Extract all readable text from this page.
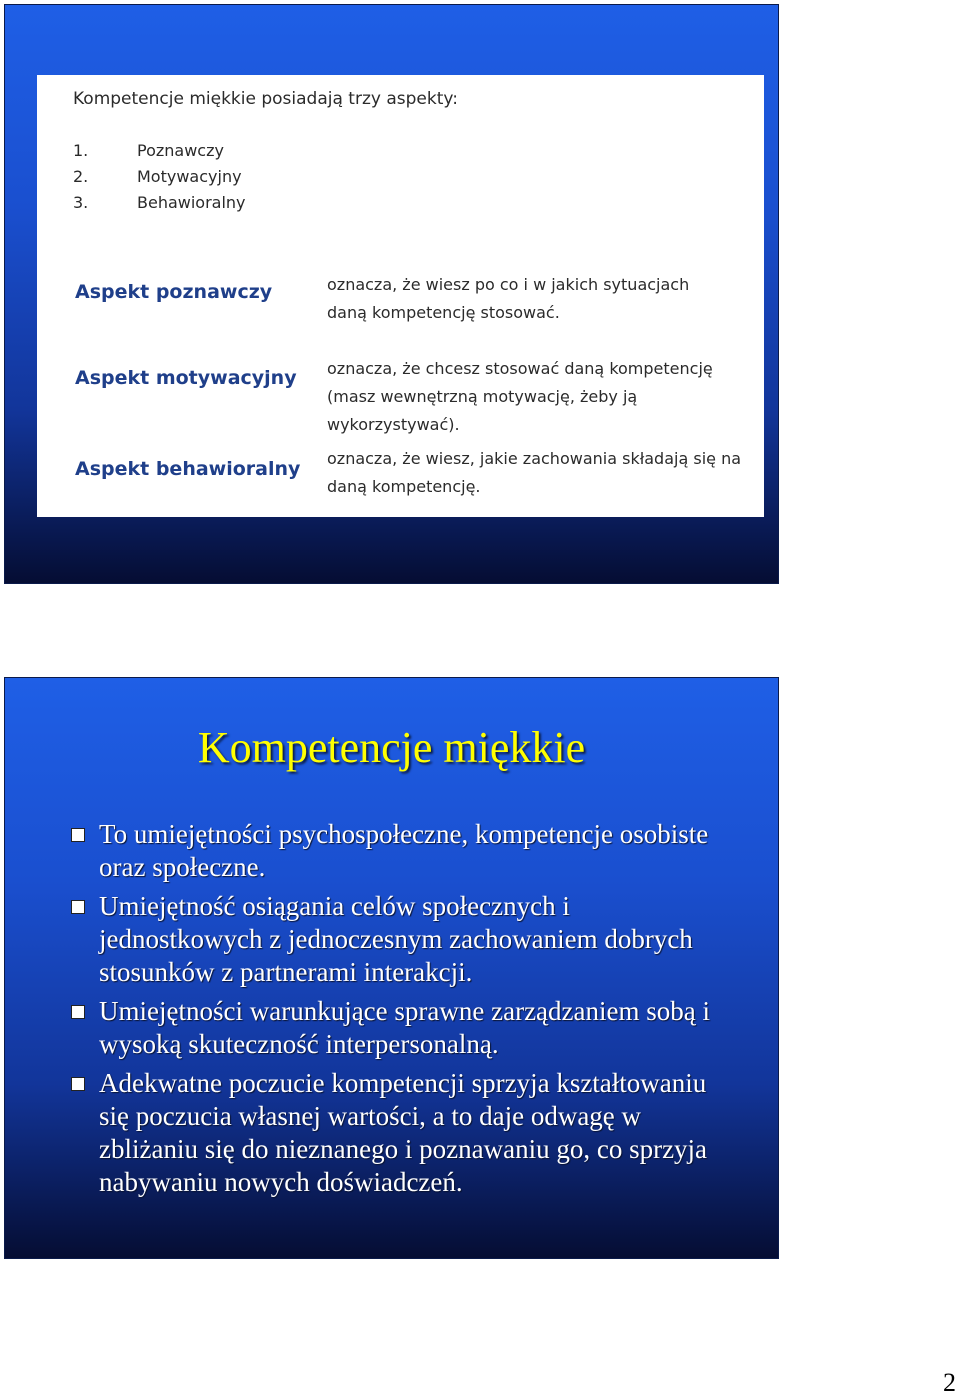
Kompetencje miękkie posiadają trzy aspekty:
1.	Poznawczy
2.	Motywacyjny
3.	Behawioralny
Aspekt poznawczy	oznacza, że wiesz po co i w jakich sytuacjach
daną kompetencję stosować.
Aspekt motywacyjny oznacza, że chcesz stosować daną kompetencję
(masz wewnętrzną motywację, żeby ją wykorzystywać).
Aspekt behawioralny oznacza, że wiesz, jakie zachowania składają się na
daną kompetencję.
Kompetencje miękkie
To umiejętności psychospołeczne, kompetencje osobiste oraz społeczne.
Umiejętność osiągania celów społecznych i jednostkowych z jednoczesnym zachowaniem dobrych stosunków z partnerami interakcji.
Umiejętności warunkujące sprawne zarządzaniem sobą i wysoką skuteczność interpersonalną.
Adekwatne poczucie kompetencji sprzyja kształtowaniu się poczucia własnej wartości, a to daje odwagę w zbliżaniu się do nieznanego i poznawaniu go, co sprzyja nabywaniu nowych doświadczeń.
2
